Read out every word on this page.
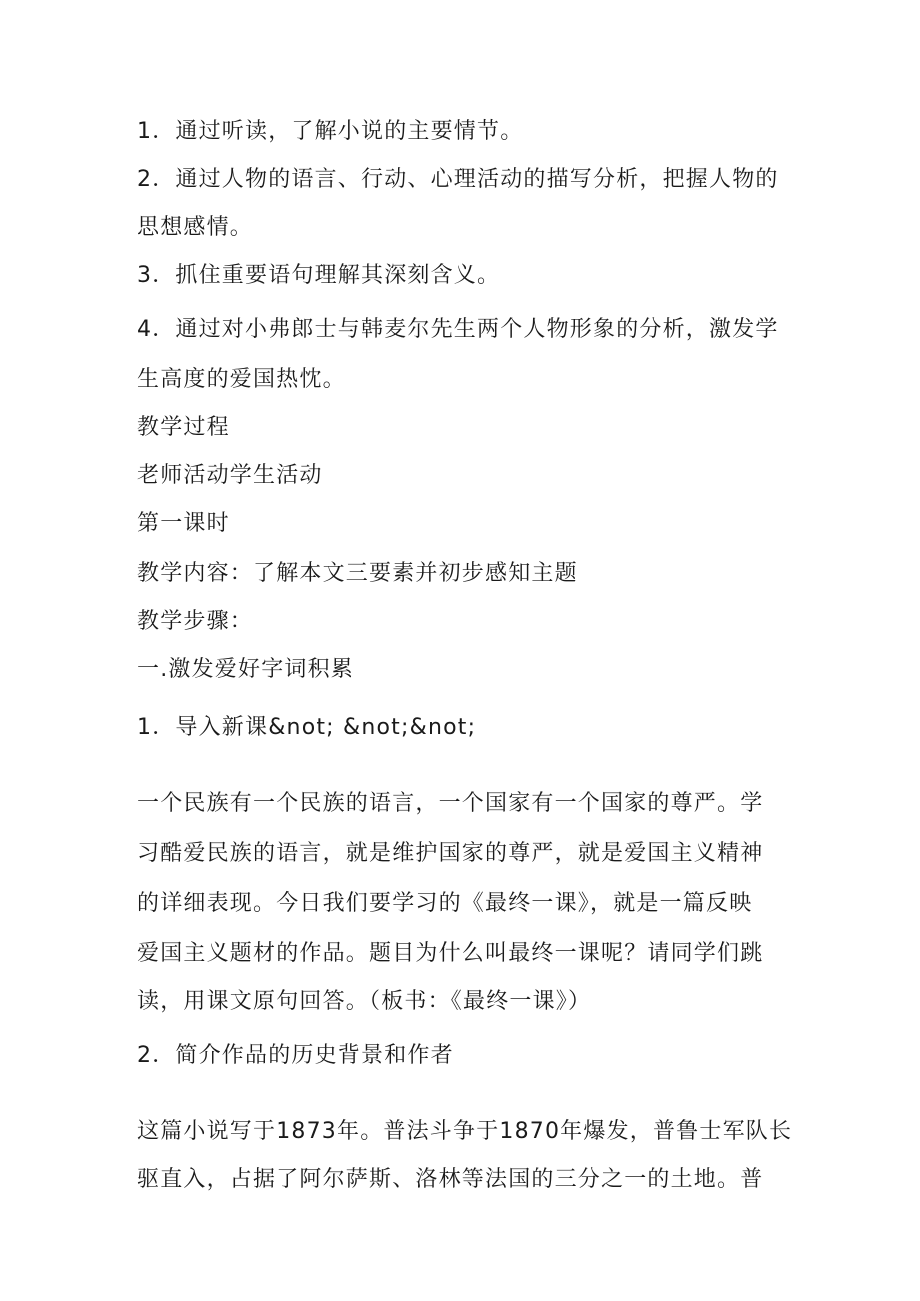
1．通过听读，了解小说的主要情节。
2．通过人物的语言、行动、心理活动的描写分析，把握人物的
思想感情。
3．抓住重要语句理解其深刻含义。
4．通过对小弗郎士与韩麦尔先生两个人物形象的分析，激发学
生高度的爱国热忱。
教学过程
老师活动学生活动
第一课时
教学内容：了解本文三要素并初步感知主题
教学步骤：
一.激发爱好字词积累
1．导入新课&not; &not;&not;
一个民族有一个民族的语言，一个国家有一个国家的尊严。学
习酷爱民族的语言，就是维护国家的尊严，就是爱国主义精神
的详细表现。今日我们要学习的《最终一课》，就是一篇反映
爱国主义题材的作品。题目为什么叫最终一课呢？请同学们跳
读，用课文原句回答。（板书：《最终一课》）
2．简介作品的历史背景和作者
这篇小说写于1873年。普法斗争于1870年爆发，普鲁士军队长
驱直入，占据了阿尔萨斯、洛林等法国的三分之一的土地。普
